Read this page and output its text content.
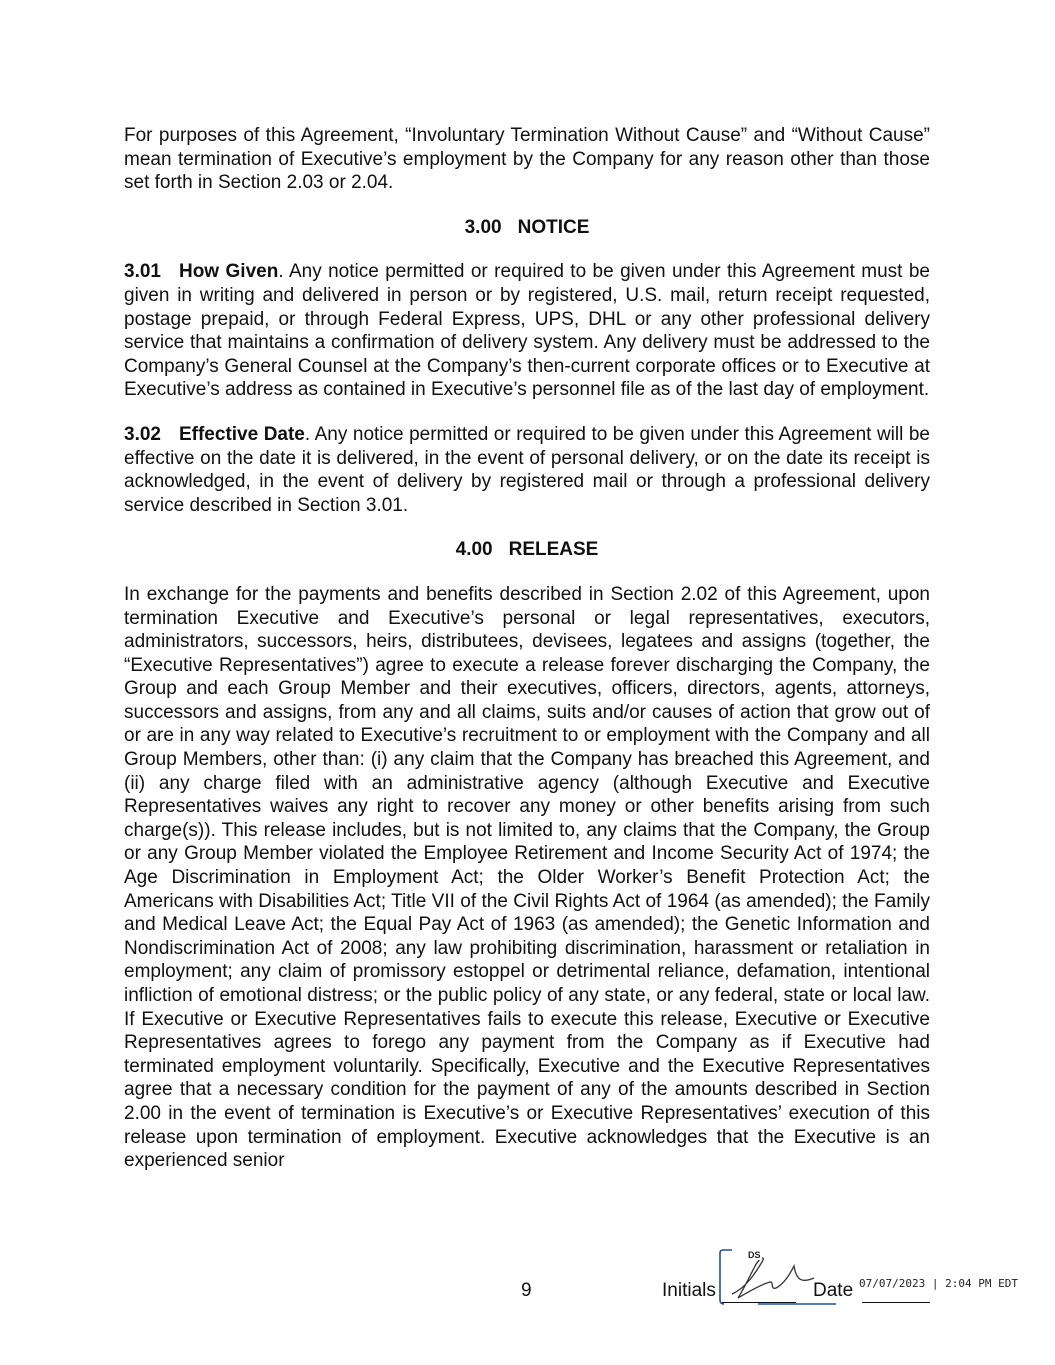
For purposes of this Agreement, “Involuntary Termination Without Cause” and “Without Cause” mean termination of Executive’s employment by the Company for any reason other than those set forth in Section 2.03 or 2.04.

3.00 NOTICE

3.01 How Given. Any notice permitted or required to be given under this Agreement must be given in writing and delivered in person or by registered, U.S. mail, return receipt requested, postage prepaid, or through Federal Express, UPS, DHL or any other professional delivery service that maintains a confirmation of delivery system. Any delivery must be addressed to the Company’s General Counsel at the Company’s then-current corporate offices or to Executive at Executive’s address as contained in Executive’s personnel file as of the last day of employment.

3.02 Effective Date. Any notice permitted or required to be given under this Agreement will be effective on the date it is delivered, in the event of personal delivery, or on the date its receipt is acknowledged, in the event of delivery by registered mail or through a professional delivery service described in Section 3.01.

4.00 RELEASE

In exchange for the payments and benefits described in Section 2.02 of this Agreement, upon termination Executive and Executive’s personal or legal representatives, executors, administrators, successors, heirs, distributees, devisees, legatees and assigns (together, the “Executive Representatives”) agree to execute a release forever discharging the Company, the Group and each Group Member and their executives, officers, directors, agents, attorneys, successors and assigns, from any and all claims, suits and/or causes of action that grow out of or are in any way related to Executive’s recruitment to or employment with the Company and all Group Members, other than: (i) any claim that the Company has breached this Agreement, and (ii) any charge filed with an administrative agency (although Executive and Executive Representatives waives any right to recover any money or other benefits arising from such charge(s)). This release includes, but is not limited to, any claims that the Company, the Group or any Group Member violated the Employee Retirement and Income Security Act of 1974; the Age Discrimination in Employment Act; the Older Worker’s Benefit Protection Act; the Americans with Disabilities Act; Title VII of the Civil Rights Act of 1964 (as amended); the Family and Medical Leave Act; the Equal Pay Act of 1963 (as amended); the Genetic Information and Nondiscrimination Act of 2008; any law prohibiting discrimination, harassment or retaliation in employment; any claim of promissory estoppel or detrimental reliance, defamation, intentional infliction of emotional distress; or the public policy of any state, or any federal, state or local law. If Executive or Executive Representatives fails to execute this release, Executive or Executive Representatives agrees to forego any payment from the Company as if Executive had terminated employment voluntarily. Specifically, Executive and the Executive Representatives agree that a necessary condition for the payment of any of the amounts described in Section 2.00 in the event of termination is Executive’s or Executive Representatives’ execution of this release upon termination of employment. Executive acknowledges that the Executive is an experienced senior

9
DS
Initials	Date 07/07/2023 | 2:04 PM EDT
